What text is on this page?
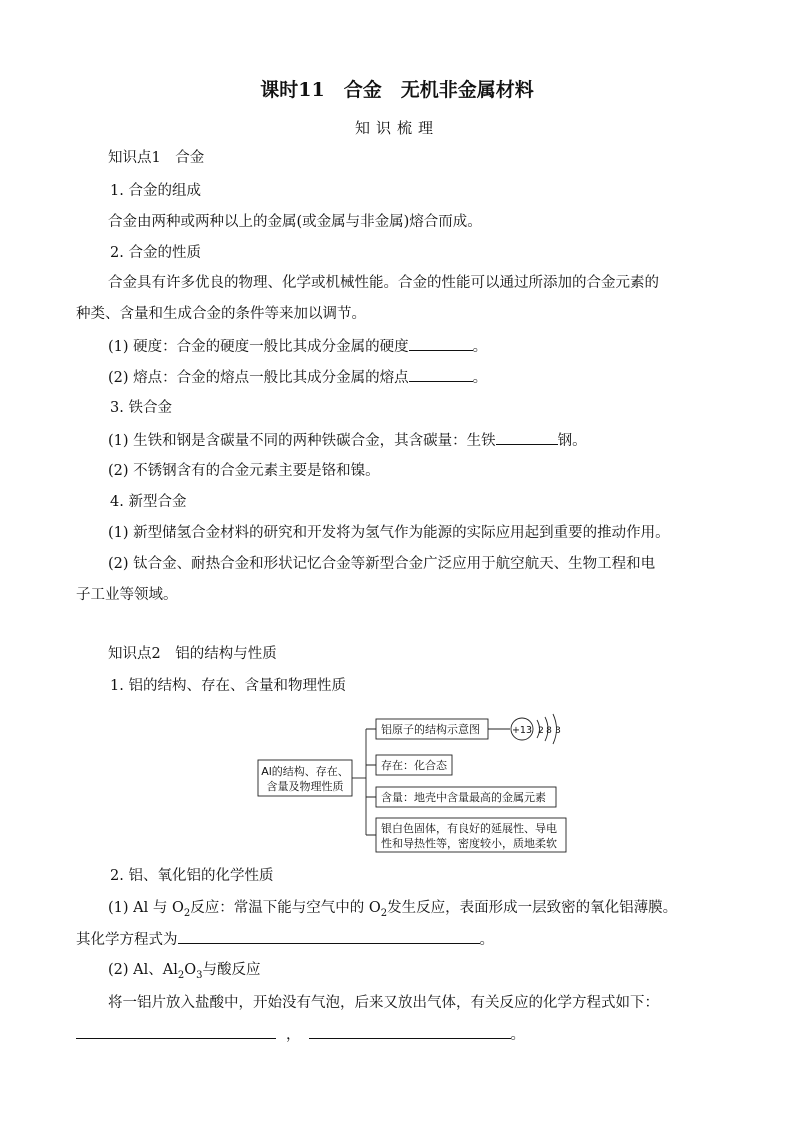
课时11　合金　无机非金属材料
知识梳理
知识点1　合金
1. 合金的组成
合金由两种或两种以上的金属(或金属与非金属)熔合而成。
2. 合金的性质
合金具有许多优良的物理、化学或机械性能。合金的性能可以通过所添加的合金元素的
种类、含量和生成合金的条件等来加以调节。
(1) 硬度：合金的硬度一般比其成分金属的硬度	。
(2) 熔点：合金的熔点一般比其成分金属的熔点	。
3. 铁合金
(1) 生铁和钢是含碳量不同的两种铁碳合金，其含碳量：生铁	钢。
(2) 不锈钢含有的合金元素主要是铬和镍。
4. 新型合金
(1) 新型储氢合金材料的研究和开发将为氢气作为能源的实际应用起到重要的推动作用。
(2) 钛合金、耐热合金和形状记忆合金等新型合金广泛应用于航空航天、生物工程和电
子工业等领域。
知识点2　铝的结构与性质
1. 铝的结构、存在、含量和物理性质
Al的结构、存在、
含量及物理性质
铝原子的结构示意图
存在：化合态
含量：地壳中含量最高的金属元素
银白色固体，有良好的延展性、导电
性和导热性等，密度较小，质地柔软
+13 2 8 3
2. 铝、氧化铝的化学性质
(1) Al 与 $O_2$反应：常温下能与空气中的 $O_2$发生反应，表面形成一层致密的氧化铝薄膜。
其化学方程式为	。
(2) Al、$Al_2O_3$与酸反应
将一铝片放入盐酸中，开始没有气泡，后来又放出气体，有关反应的化学方程式如下：
，	。
